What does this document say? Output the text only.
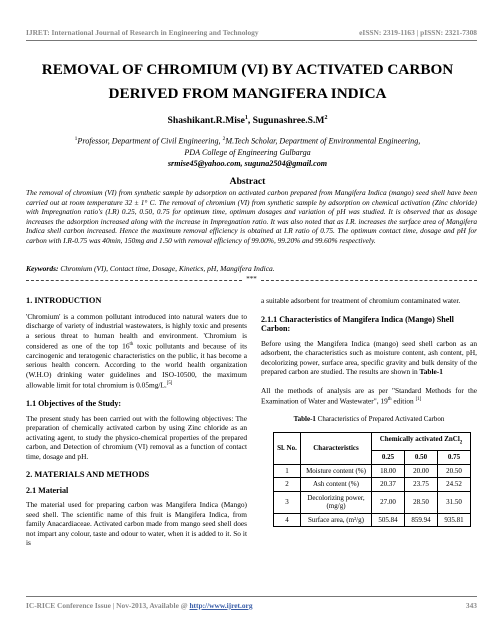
IJRET: International Journal of Research in Engineering and Technology	eISSN: 2319-1163 | pISSN: 2321-7308
REMOVAL OF CHROMIUM (VI) BY ACTIVATED CARBON
DERIVED FROM MANGIFERA INDICA
Shashikant.R.Mise$^1$, $Sugunashree.S.M^2$
$^1$Professor, Department of Civil Engineering, $^2$M.Tech Scholar, Department of Environmental Engineering,
PDA College of Engineering Gulbarga
srmise45@yahoo.com, suguna2504@gmail.com
Abstract
The removal of chromium (VI) from synthetic sample by adsorption on activated carbon prepared from Mangifera Indica (mango) seed shell have been carried out at room temperature 32 ± 1° C. The removal of chromium (VI) from synthetic sample by adsorption on chemical activation (Zinc chloride) with Impregnation ratio's (I.R) 0.25, 0.50, 0.75 for optimum time, optimum dosages and variation of pH was studied. It is observed that as dosage increases the adsorption increased along with the increase in Impregnation ratio. It was also noted that as I.R. increases the surface area of Mangifera Indica shell carbon increased. Hence the maximum removal efficiency is obtained at I.R ratio of 0.75. The optimum contact time, dosage and pH for carbon with I.R-0.75 was 40min, 150mg and 1.50 with removal efficiency of 99.00%, 99.20% and 99.60% respectively.
Keywords: Chromium (VI), Contact time, Dosage, Kinetics, pH, Mangifera Indica.
***
1. INTRODUCTION

'Chromium' is a common pollutant introduced into natural waters due to discharge of variety of industrial wastewaters, is highly toxic and presents a serious threat to human health and environment. 'Chromium is considered as one of the top 16th toxic pollutants and because of its carcinogenic and teratogenic characteristics on the public, it has become a serious health concern. According to the world health organization (W.H.O) drinking water guidelines and ISO-10500, the maximum allowable limit for total chromium is 0.05mg/L.[5]

1.1 Objectives of the Study:

The present study has been carried out with the following objectives: The preparation of chemically activated carbon by using Zinc chloride as an activating agent, to study the physico-chemical properties of the prepared carbon, and Detection of chromium (VI) removal as a function of contact time, dosage and pH.

2. MATERIALS AND METHODS
2.1 Material

The material used for preparing carbon was Mangifera Indica (Mango) seed shell. The scientific name of this fruit is Mangifera Indica, from family Anacardiaceae. Activated carbon made from mango seed shell does not impart any colour, taste and odour to water, when it is added to it. So it is

a suitable adsorbent for treatment of chromium contaminated water.

2.1.1 Characteristics of Mangifera Indica (Mango) Shell Carbon:

Before using the Mangifera Indica (mango) seed shell carbon as an adsorbent, the characteristics such as moisture content, ash content, pH, decolorizing power, surface area, specific gravity and bulk density of the prepared carbon are studied. The results are shown in Table-1

All the methods of analysis are as per "Standard Methods for the Examination of Water and Wastewater", 19th edition [1]

Table-1 Characteristics of Prepared Activated Carbon
Sl. No.	Characteristics	Chemically activated ZnCl$_2$
		0.25	0.50	0.75
1	Moisture content (%)	18.00	20.00	20.50
2	Ash content (%)	20.37	23.75	24.52
3	Decolorizing power, (mg/g)	27.00	28.50	31.50
4	Surface area, (m²/g)	505.84	859.94	935.81
IC-RICE Conference Issue | Nov-2013, Available @ http://www.ijret.org	343
